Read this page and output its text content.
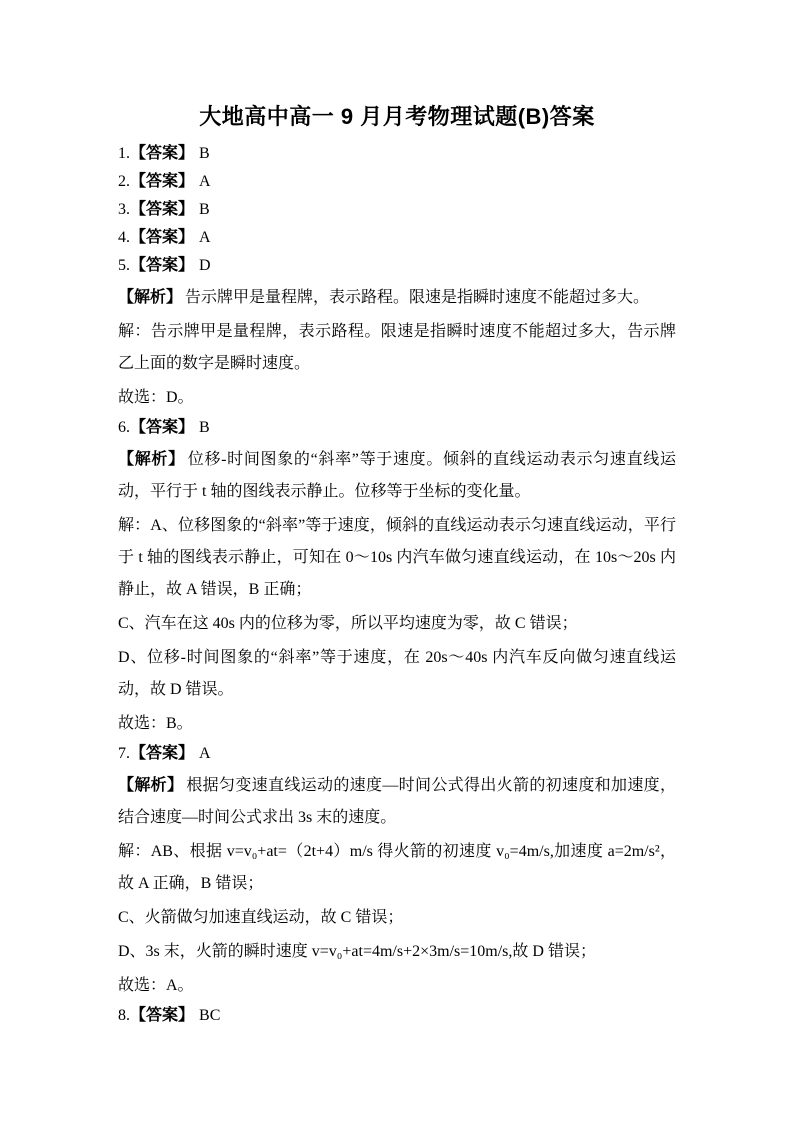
大地高中高一 9 月月考物理试题(B)答案

1.【答案】 B

2.【答案】 A

3.【答案】 B

4.【答案】 A

5.【答案】 D

【解析】 告示牌甲是量程牌，表示路程。限速是指瞬时速度不能超过多大。

解：告示牌甲是量程牌，表示路程。限速是指瞬时速度不能超过多大，告示牌乙上面的数字是瞬时速度。

故选：D。

6.【答案】 B

【解析】 位移-时间图象的“斜率”等于速度。倾斜的直线运动表示匀速直线运动，平行于 t 轴的图线表示静止。位移等于坐标的变化量。

解：A、位移图象的“斜率”等于速度，倾斜的直线运动表示匀速直线运动，平行于 t 轴的图线表示静止，可知在 0～10s 内汽车做匀速直线运动，在 10s～20s 内静止，故 A 错误，B 正确；

C、汽车在这 40s 内的位移为零，所以平均速度为零，故 C 错误；

D、位移-时间图象的“斜率”等于速度，在 20s～40s 内汽车反向做匀速直线运动，故 D 错误。

故选：B。

7.【答案】 A

【解析】 根据匀变速直线运动的速度—时间公式得出火箭的初速度和加速度，结合速度—时间公式求出 3s 末的速度。

解：AB、根据 v=v₀+at=（2t+4）m/s 得火箭的初速度 v₀=4m/s,加速度 a=2m/s²，故 A 正确，B 错误；

C、火箭做匀加速直线运动，故 C 错误；

D、3s 末，火箭的瞬时速度 v=v₀+at=4m/s+2×3m/s=10m/s,故 D 错误；

故选：A。

8.【答案】 BC
